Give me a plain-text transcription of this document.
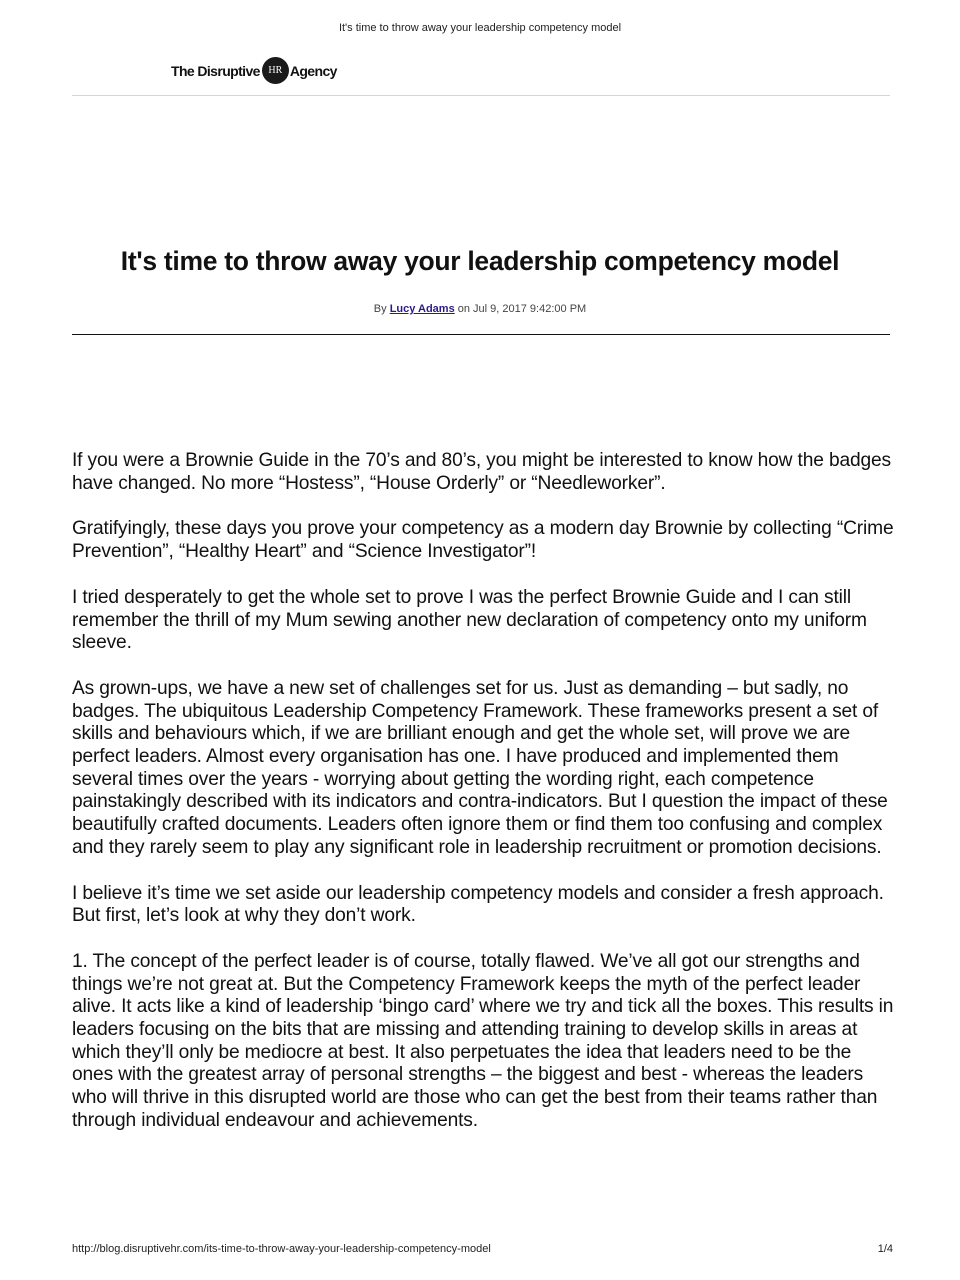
It's time to throw away your leadership competency model
The Disruptive HR Agency
It's time to throw away your leadership competency model
By Lucy Adams on Jul 9, 2017 9:42:00 PM

If you were a Brownie Guide in the 70’s and 80’s, you might be interested to know how the badges have changed. No more “Hostess”, “House Orderly” or “Needleworker”.

Gratifyingly, these days you prove your competency as a modern day Brownie by collecting “Crime Prevention”, “Healthy Heart” and “Science Investigator”!

I tried desperately to get the whole set to prove I was the perfect Brownie Guide and I can still remember the thrill of my Mum sewing another new declaration of competency onto my uniform sleeve.

As grown-ups, we have a new set of challenges set for us. Just as demanding – but sadly, no badges. The ubiquitous Leadership Competency Framework. These frameworks present a set of skills and behaviours which, if we are brilliant enough and get the whole set, will prove we are perfect leaders. Almost every organisation has one. I have produced and implemented them several times over the years - worrying about getting the wording right, each competence painstakingly described with its indicators and contra-indicators. But I question the impact of these beautifully crafted documents. Leaders often ignore them or find them too confusing and complex and they rarely seem to play any significant role in leadership recruitment or promotion decisions.

I believe it’s time we set aside our leadership competency models and consider a fresh approach. But first, let’s look at why they don’t work.

1. The concept of the perfect leader is of course, totally flawed. We’ve all got our strengths and things we’re not great at. But the Competency Framework keeps the myth of the perfect leader alive. It acts like a kind of leadership ‘bingo card’ where we try and tick all the boxes. This results in leaders focusing on the bits that are missing and attending training to develop skills in areas at which they’ll only be mediocre at best. It also perpetuates the idea that leaders need to be the ones with the greatest array of personal strengths – the biggest and best - whereas the leaders who will thrive in this disrupted world are those who can get the best from their teams rather than through individual endeavour and achievements.

http://blog.disruptivehr.com/its-time-to-throw-away-your-leadership-competency-model	1/4
